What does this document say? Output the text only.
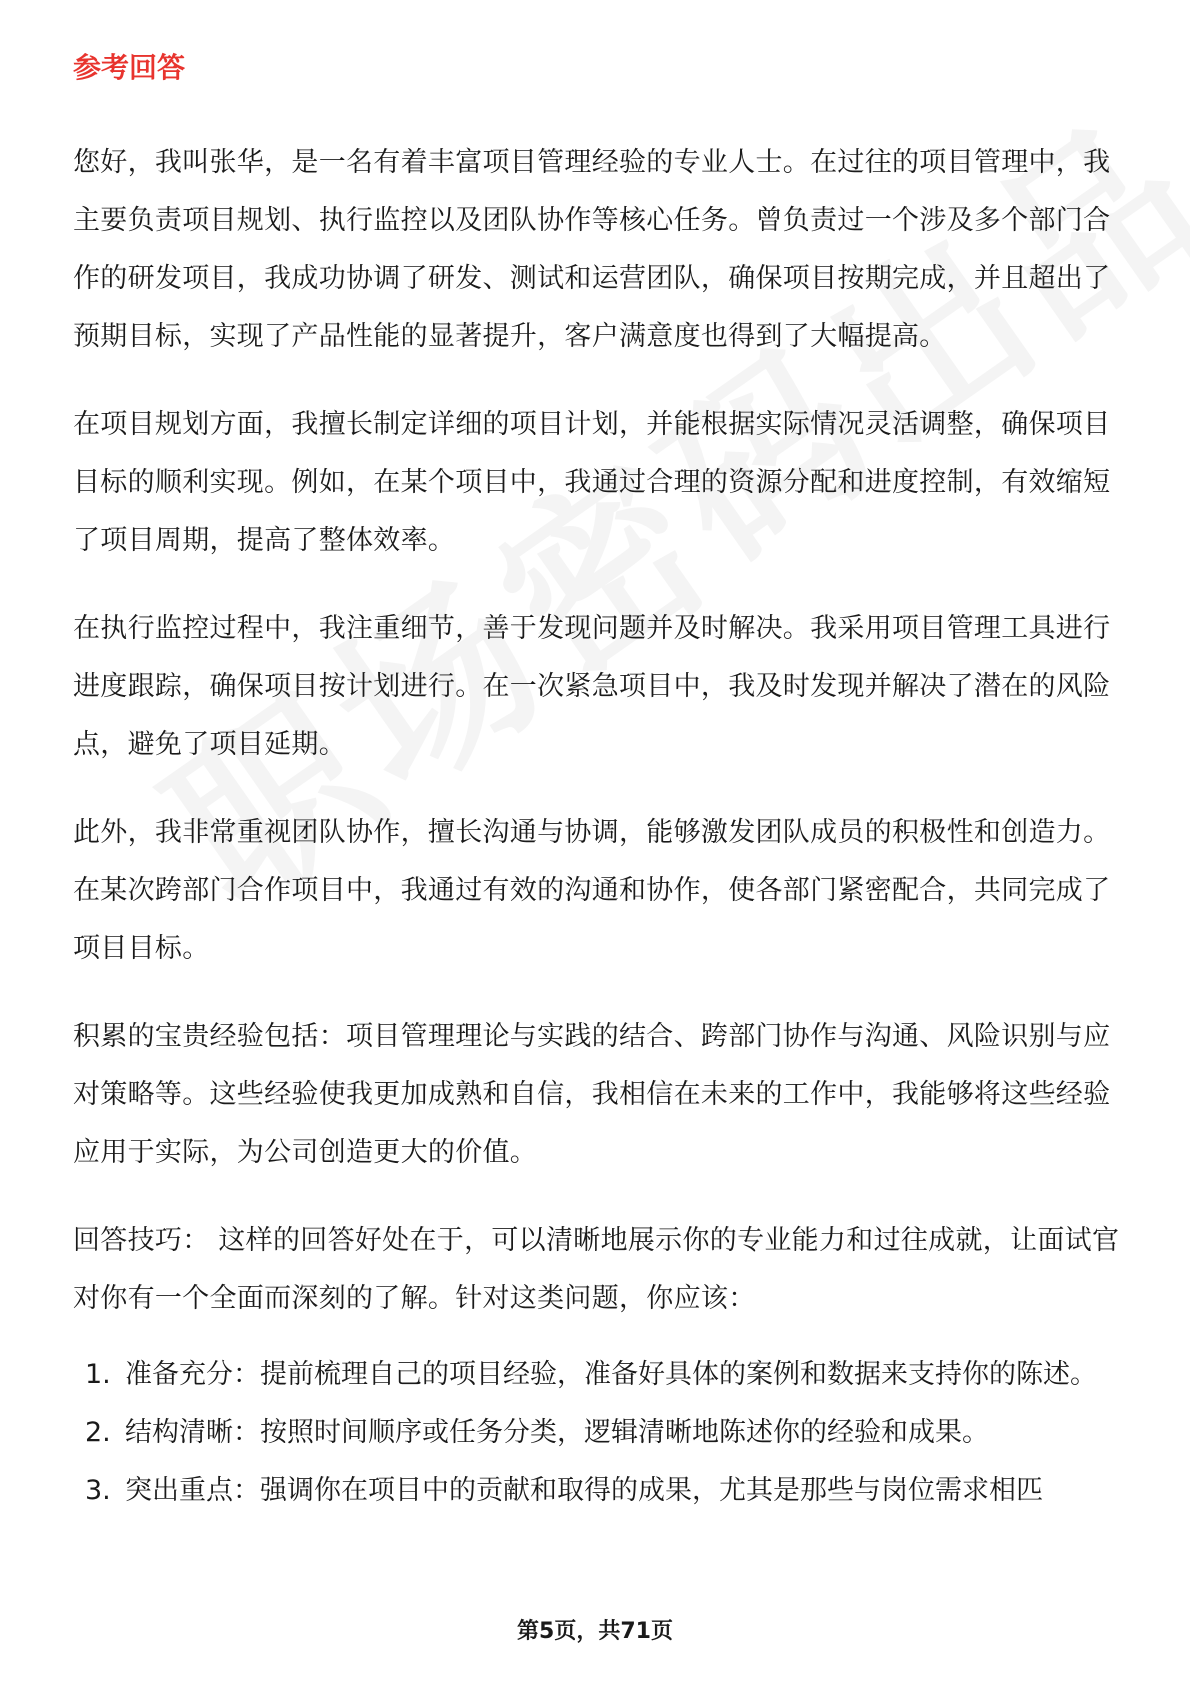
参考回答

您好，我叫张华，是一名有着丰富项目管理经验的专业人士。在过往的项目管理中，我主要负责项目规划、执行监控以及团队协作等核心任务。曾负责过一个涉及多个部门合作的研发项目，我成功协调了研发、测试和运营团队，确保项目按期完成，并且超出了预期目标，实现了产品性能的显著提升，客户满意度也得到了大幅提高。

在项目规划方面，我擅长制定详细的项目计划，并能根据实际情况灵活调整，确保项目目标的顺利实现。例如，在某个项目中，我通过合理的资源分配和进度控制，有效缩短了项目周期，提高了整体效率。

在执行监控过程中，我注重细节，善于发现问题并及时解决。我采用项目管理工具进行进度跟踪，确保项目按计划进行。在一次紧急项目中，我及时发现并解决了潜在的风险点，避免了项目延期。

此外，我非常重视团队协作，擅长沟通与协调，能够激发团队成员的积极性和创造力。在某次跨部门合作项目中，我通过有效的沟通和协作，使各部门紧密配合，共同完成了项目目标。

积累的宝贵经验包括：项目管理理论与实践的结合、跨部门协作与沟通、风险识别与应对策略等。这些经验使我更加成熟和自信，我相信在未来的工作中，我能够将这些经验应用于实际，为公司创造更大的价值。

回答技巧： 这样的回答好处在于，可以清晰地展示你的专业能力和过往成就，让面试官对你有一个全面而深刻的了解。针对这类问题，你应该：

1. 准备充分：提前梳理自己的项目经验，准备好具体的案例和数据来支持你的陈述。
2. 结构清晰：按照时间顺序或任务分类，逻辑清晰地陈述你的经验和成果。
3. 突出重点：强调你在项目中的贡献和取得的成果，尤其是那些与岗位需求相匹
第5页，共71页
